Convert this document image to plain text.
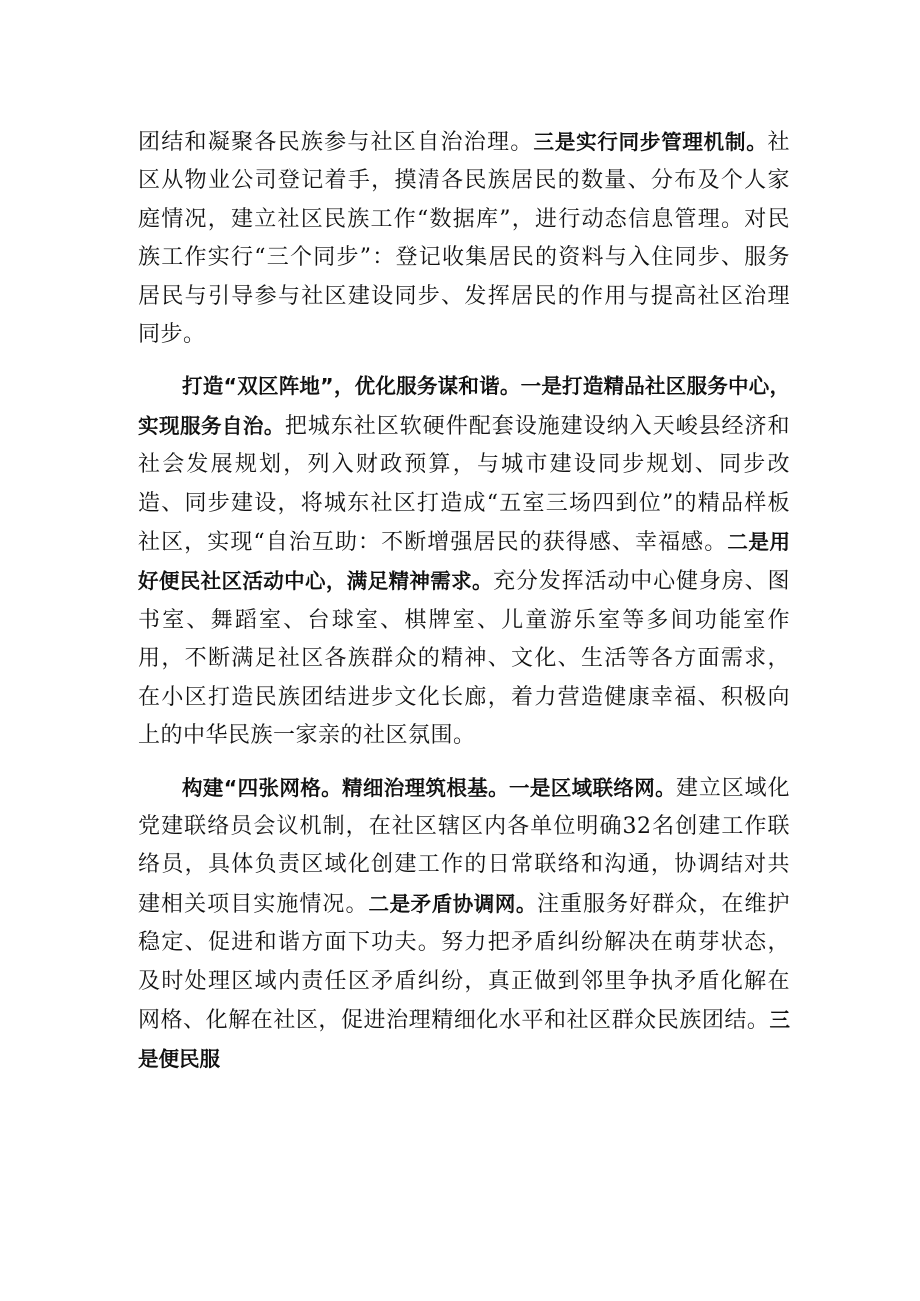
团结和凝聚各民族参与社区自治治理。三是实行同步管理机制。社区从物业公司登记着手，摸清各民族居民的数量、分布及个人家庭情况，建立社区民族工作“数据库”，进行动态信息管理。对民族工作实行“三个同步”：登记收集居民的资料与入住同步、服务居民与引导参与社区建设同步、发挥居民的作用与提高社区治理同步。

打造“双区阵地”，优化服务谋和谐。一是打造精品社区服务中心，实现服务自治。把城东社区软硬件配套设施建设纳入天峻县经济和社会发展规划，列入财政预算，与城市建设同步规划、同步改造、同步建设，将城东社区打造成“五室三场四到位”的精品样板社区，实现“自治互助：不断增强居民的获得感、幸福感。二是用好便民社区活动中心，满足精神需求。充分发挥活动中心健身房、图书室、舞蹈室、台球室、棋牌室、儿童游乐室等多间功能室作用，不断满足社区各族群众的精神、文化、生活等各方面需求，在小区打造民族团结进步文化长廊，着力营造健康幸福、积极向上的中华民族一家亲的社区氛围。

构建“四张网格。精细治理筑根基。一是区域联络网。建立区域化党建联络员会议机制，在社区辖区内各单位明确32名创建工作联络员，具体负责区域化创建工作的日常联络和沟通，协调结对共建相关项目实施情况。二是矛盾协调网。注重服务好群众，在维护稳定、促进和谐方面下功夫。努力把矛盾纠纷解决在萌芽状态，及时处理区域内责任区矛盾纠纷，真正做到邻里争执矛盾化解在网格、化解在社区，促进治理精细化水平和社区群众民族团结。三是便民服
